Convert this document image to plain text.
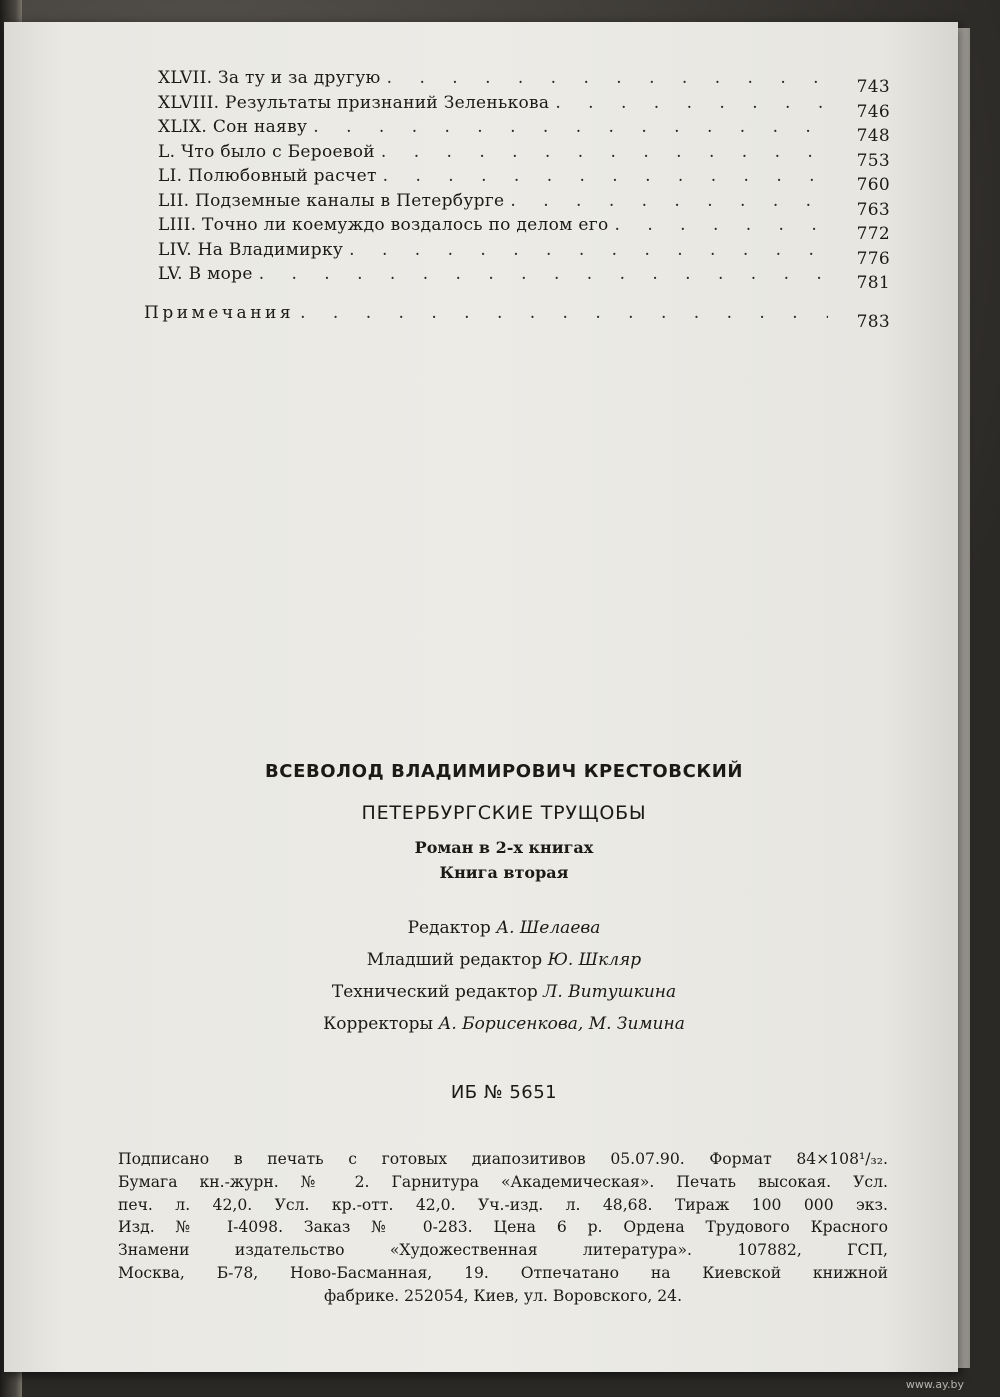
XLVII. За ту и за другую . . .	743
XLVIII. Результаты признаний Зеленькова . . .	746
XLIX. Сон наяву . . .	748
L. Что было с Бероевой . . .	753
LI. Полюбовный расчет . . .	760
LII. Подземные каналы в Петербурге . . .	763
LIII. Точно ли коемуждо воздалось по делом его . . .	772
LIV. На Владимирку . . .	776
LV. В море . . .	781
Примечания . . .	783
ВСЕВОЛОД ВЛАДИМИРОВИЧ КРЕСТОВСКИЙ
ПЕТЕРБУРГСКИЕ ТРУЩОБЫ
Роман в 2-х книгах
Книга вторая
Редактор А. Шелаева
Младший редактор Ю. Шкляр
Технический редактор Л. Витушкина
Корректоры А. Борисенкова, М. Зимина
ИБ № 5651
Подписано в печать с готовых диапозитивов 05.07.90. Формат 84×108¹/₃₂.
Бумага кн.-журн. № 2. Гарнитура «Академическая». Печать высокая. Усл.
печ. л. 42,0. Усл. кр.-отт. 42,0. Уч.-изд. л. 48,68. Тираж 100 000 экз.
Изд. № I-4098. Заказ № 0-283. Цена 6 р. Ордена Трудового Красного
Знамени издательство «Художественная литература». 107882, ГСП,
Москва, Б-78, Ново-Басманная, 19. Отпечатано на Киевской книжной
фабрике. 252054, Киев, ул. Воровского, 24.
www.ay.by
